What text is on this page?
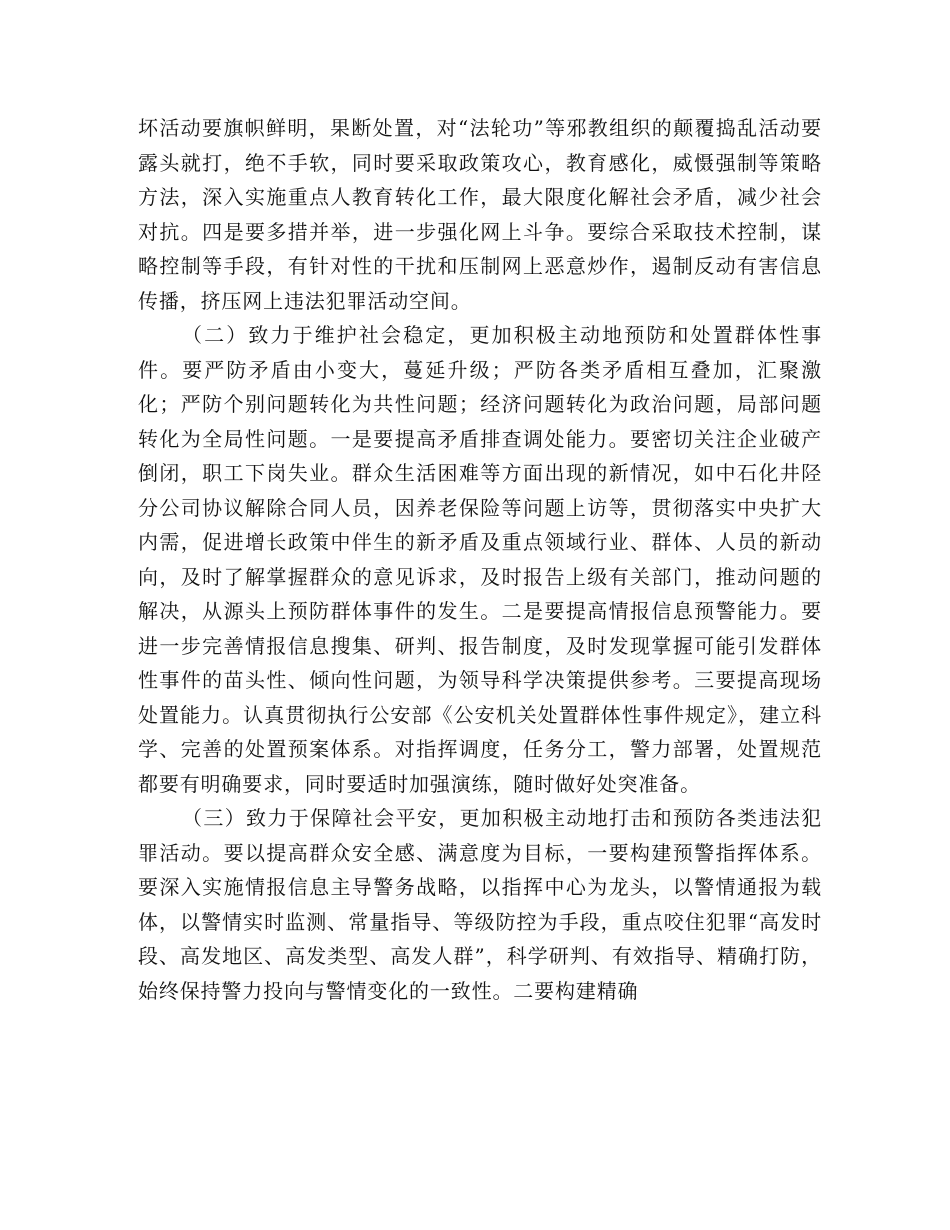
坏活动要旗帜鲜明，果断处置，对“法轮功”等邪教组织的颠覆捣乱活动要露头就打，绝不手软，同时要采取政策攻心，教育感化，威慑强制等策略方法，深入实施重点人教育转化工作，最大限度化解社会矛盾，减少社会对抗。四是要多措并举，进一步强化网上斗争。要综合采取技术控制，谋略控制等手段，有针对性的干扰和压制网上恶意炒作，遏制反动有害信息传播，挤压网上违法犯罪活动空间。

（二）致力于维护社会稳定，更加积极主动地预防和处置群体性事件。要严防矛盾由小变大，蔓延升级；严防各类矛盾相互叠加，汇聚激化；严防个别问题转化为共性问题；经济问题转化为政治问题，局部问题转化为全局性问题。一是要提高矛盾排查调处能力。要密切关注企业破产倒闭，职工下岗失业。群众生活困难等方面出现的新情况，如中石化井陉分公司协议解除合同人员，因养老保险等问题上访等，贯彻落实中央扩大内需，促进增长政策中伴生的新矛盾及重点领域行业、群体、人员的新动向，及时了解掌握群众的意见诉求，及时报告上级有关部门，推动问题的解决，从源头上预防群体事件的发生。二是要提高情报信息预警能力。要进一步完善情报信息搜集、研判、报告制度，及时发现掌握可能引发群体性事件的苗头性、倾向性问题，为领导科学决策提供参考。三要提高现场处置能力。认真贯彻执行公安部《公安机关处置群体性事件规定》，建立科学、完善的处置预案体系。对指挥调度，任务分工，警力部署，处置规范都要有明确要求，同时要适时加强演练，随时做好处突准备。

（三）致力于保障社会平安，更加积极主动地打击和预防各类违法犯罪活动。要以提高群众安全感、满意度为目标，一要构建预警指挥体系。要深入实施情报信息主导警务战略，以指挥中心为龙头，以警情通报为载体，以警情实时监测、常量指导、等级防控为手段，重点咬住犯罪“高发时段、高发地区、高发类型、高发人群”，科学研判、有效指导、精确打防，始终保持警力投向与警情变化的一致性。二要构建精确
